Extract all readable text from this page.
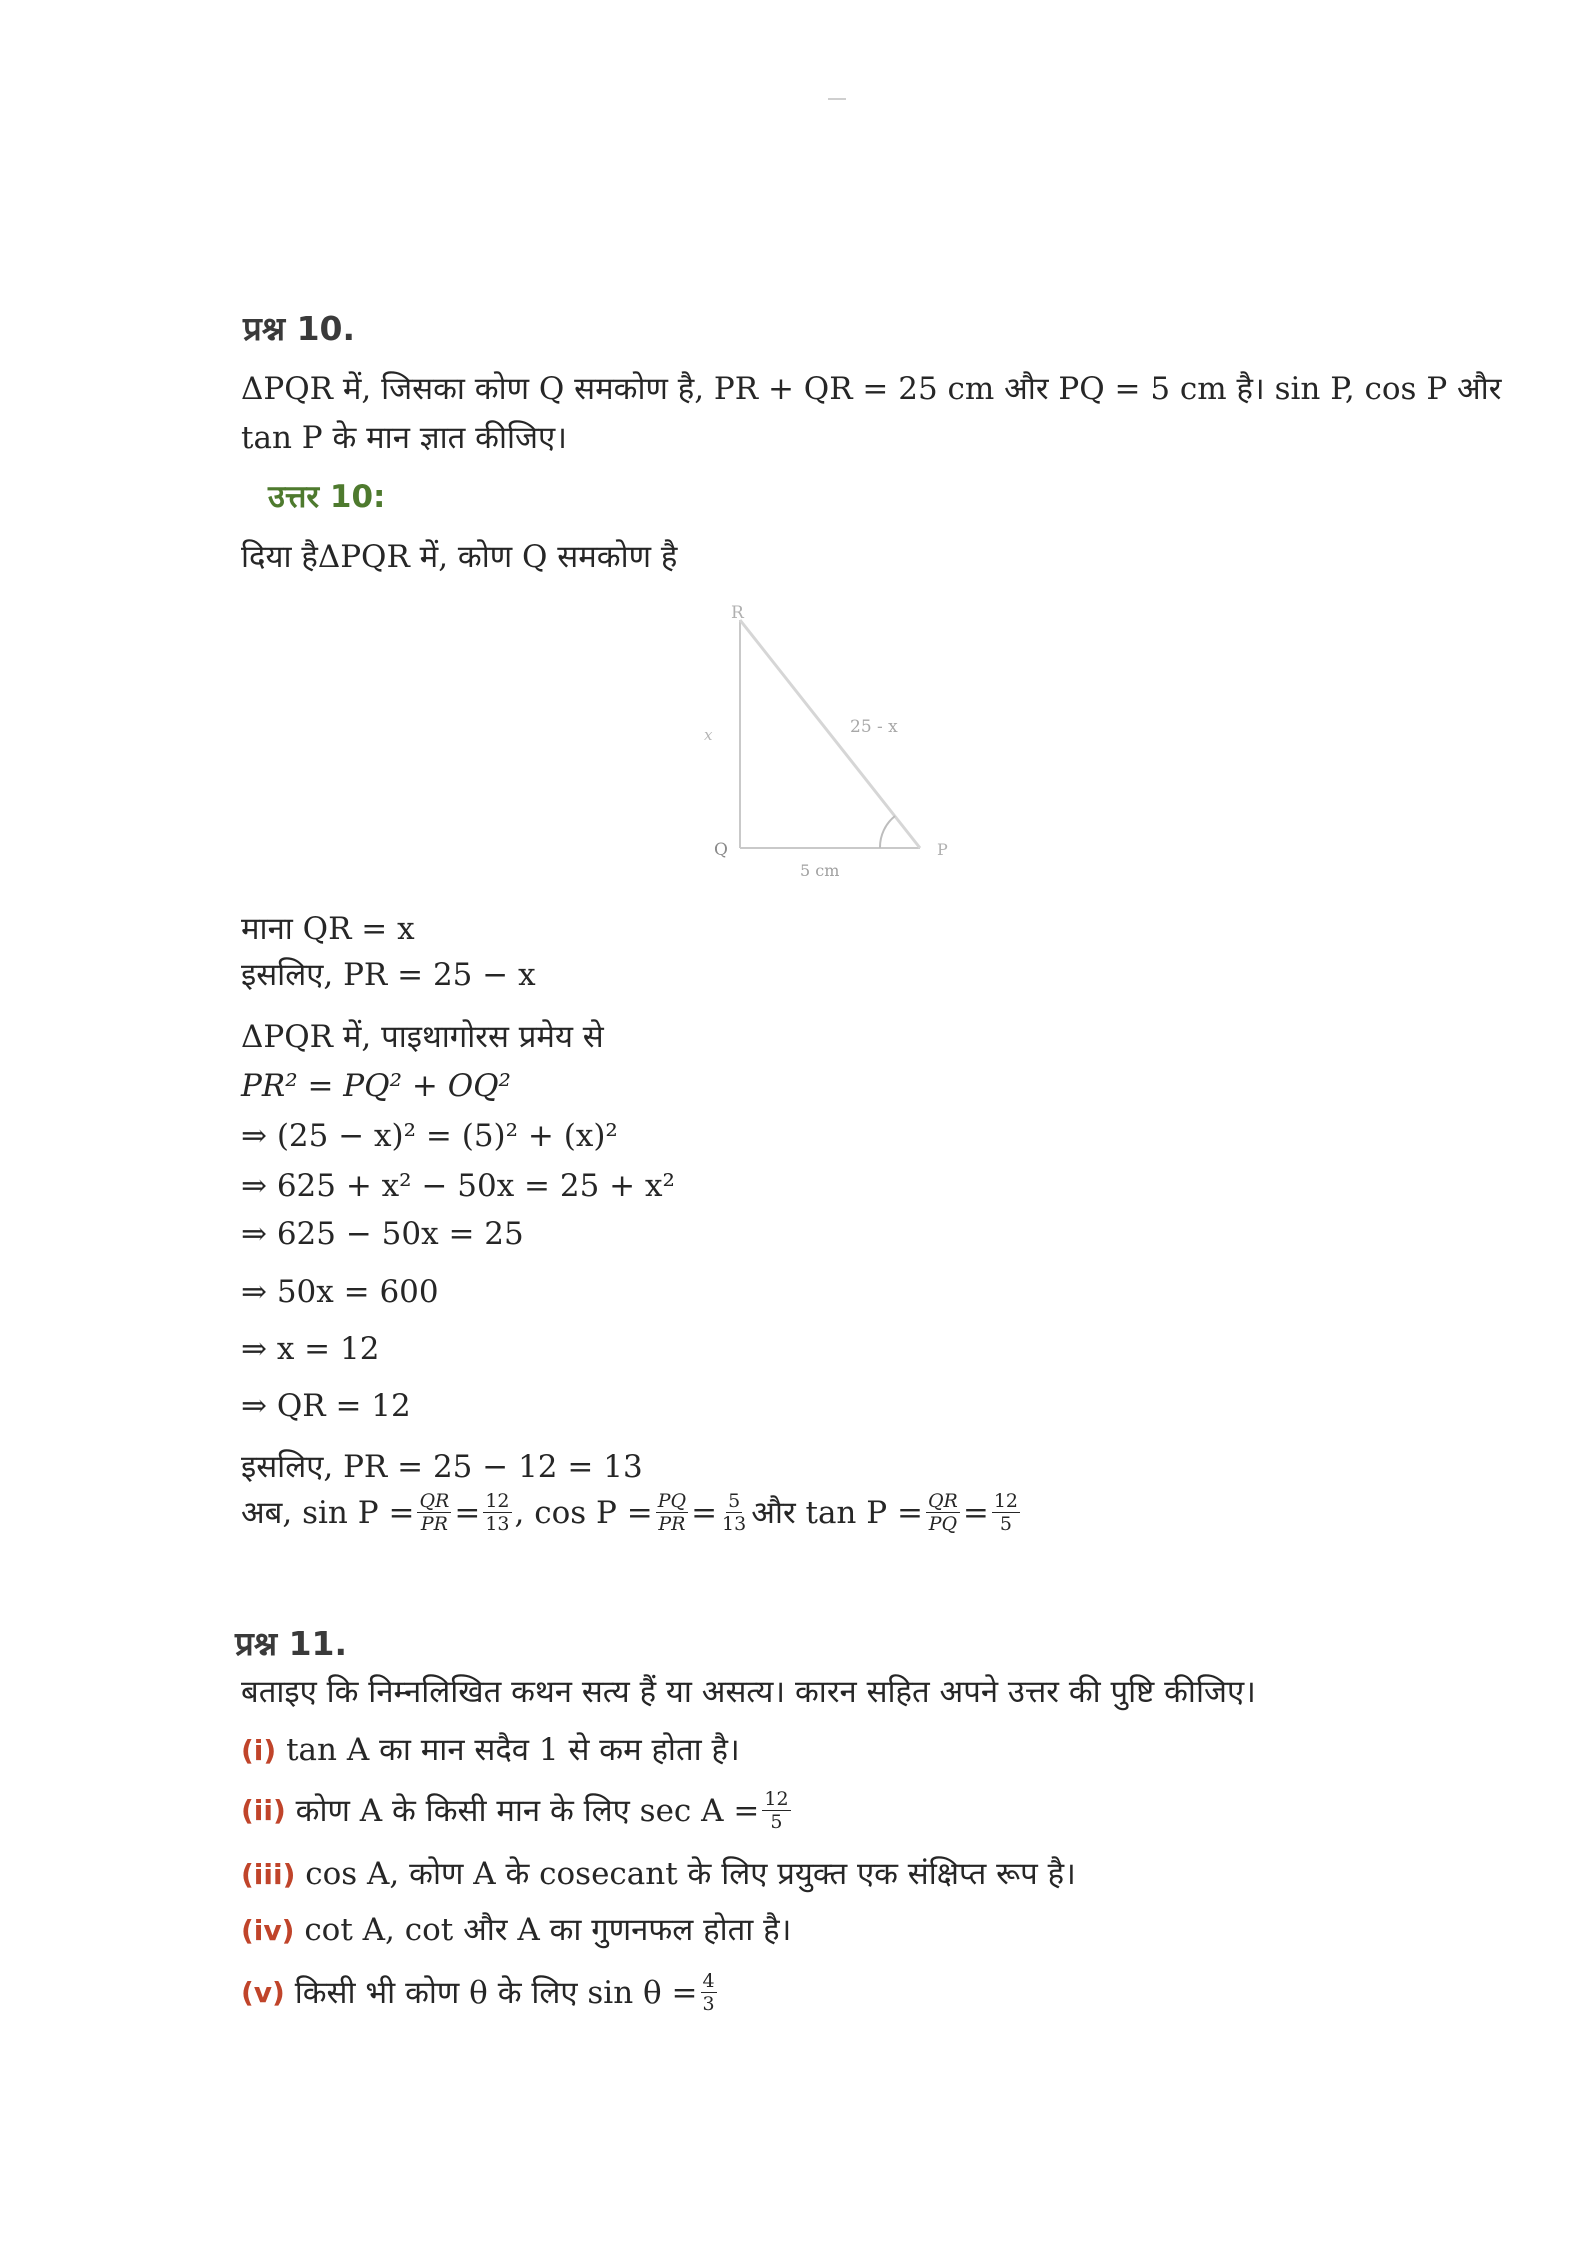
प्रश्न 10.
ΔPQR में, जिसका कोण Q समकोण है, PR + QR = 25 cm और PQ = 5 cm है। sin P, cos P और
tan P के मान ज्ञात कीजिए।
उत्तर 10:
दिया हैΔPQR में, कोण Q समकोण है
R
Q	P
x	25 - x
5 cm
माना QR = x
इसलिए, PR = 25 − x
ΔPQR में, पाइथागोरस प्रमेय से
PR² = PQ² + OQ²
⇒ (25 − x)² = (5)² + (x)²
⇒ 625 + x² − 50x = 25 + x²
⇒ 625 − 50x = 25
⇒ 50x = 600
⇒ x = 12
⇒ QR = 12
इसलिए, PR = 25 − 12 = 13
अब, $\sin P = \frac{QR}{PR} = \frac{12}{13}$ , $\cos P = \frac{PQ}{PR} = \frac{5}{13}$ और $\tan P = \frac{QR}{PQ} = \frac{12}{5}$
प्रश्न 11.
बताइए कि निम्नलिखित कथन सत्य हैं या असत्य। कारन सहित अपने उत्तर की पुष्टि कीजिए।
(i) tan A का मान सदैव 1 से कम होता है।
(ii)
कोण A के किसी मान के लिए $\sec A = \frac{12}{5}$
(iii) cos A, कोण A के cosecant के लिए प्रयुक्त एक संक्षिप्त रूप है।
(iv) cot A, cot और A का गुणनफल होता है।
(v)
किसी भी कोण θ के लिए $\sin \theta = \frac{4}{3}$
